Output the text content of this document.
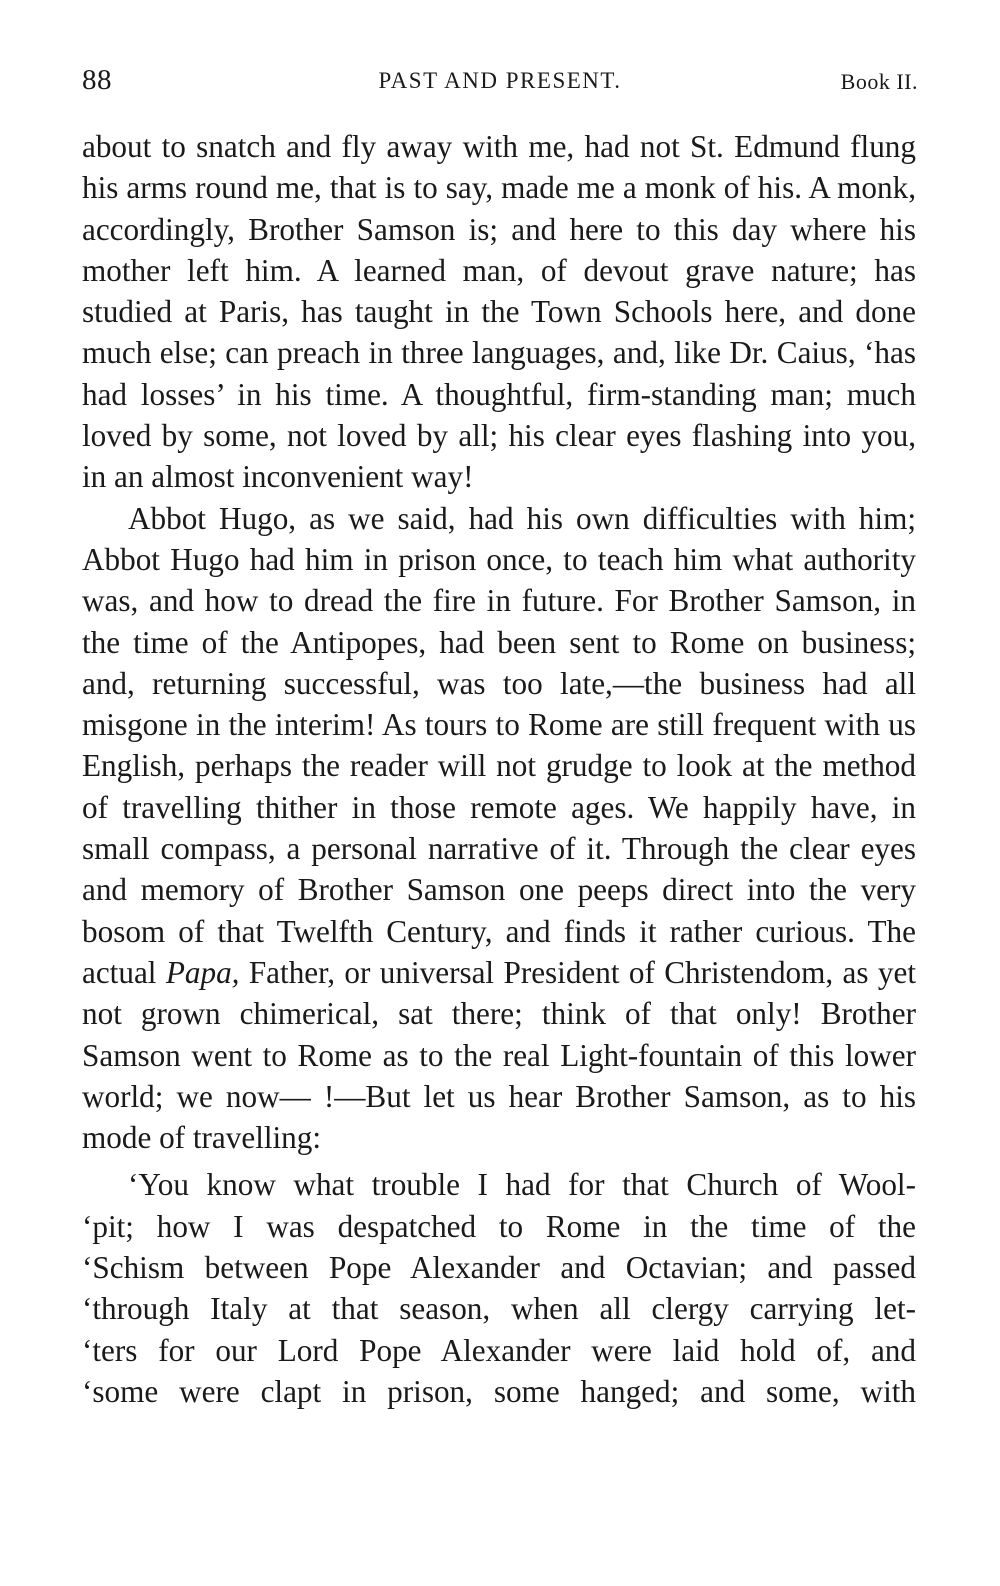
88	PAST AND PRESENT.	Book II.

about to snatch and fly away with me, had not St. Edmund flung his arms round me, that is to say, made me a monk of his. A monk, accordingly, Brother Samson is; and here to this day where his mother left him. A learned man, of devout grave nature; has studied at Paris, has taught in the Town Schools here, and done much else; can preach in three languages, and, like Dr. Caius, ‘has had losses’ in his time. A thoughtful, firm-standing man; much loved by some, not loved by all; his clear eyes flashing into you, in an almost inconvenient way!

Abbot Hugo, as we said, had his own difficulties with him; Abbot Hugo had him in prison once, to teach him what authority was, and how to dread the fire in future. For Brother Samson, in the time of the Antipopes, had been sent to Rome on business; and, returning successful, was too late,—the business had all misgone in the interim! As tours to Rome are still frequent with us English, perhaps the reader will not grudge to look at the method of travelling thither in those remote ages. We happily have, in small compass, a personal narrative of it. Through the clear eyes and memory of Brother Samson one peeps direct into the very bosom of that Twelfth Century, and finds it rather curious. The actual Papa, Father, or universal President of Christendom, as yet not grown chimerical, sat there; think of that only! Brother Samson went to Rome as to the real Light-fountain of this lower world; we now— !—But let us hear Brother Samson, as to his mode of travelling:

‘You know what trouble I had for that Church of Wool-
‘pit; how I was despatched to Rome in the time of the
‘Schism between Pope Alexander and Octavian; and passed
‘through Italy at that season, when all clergy carrying let-
‘ters for our Lord Pope Alexander were laid hold of, and
‘some were clapt in prison, some hanged; and some, with
